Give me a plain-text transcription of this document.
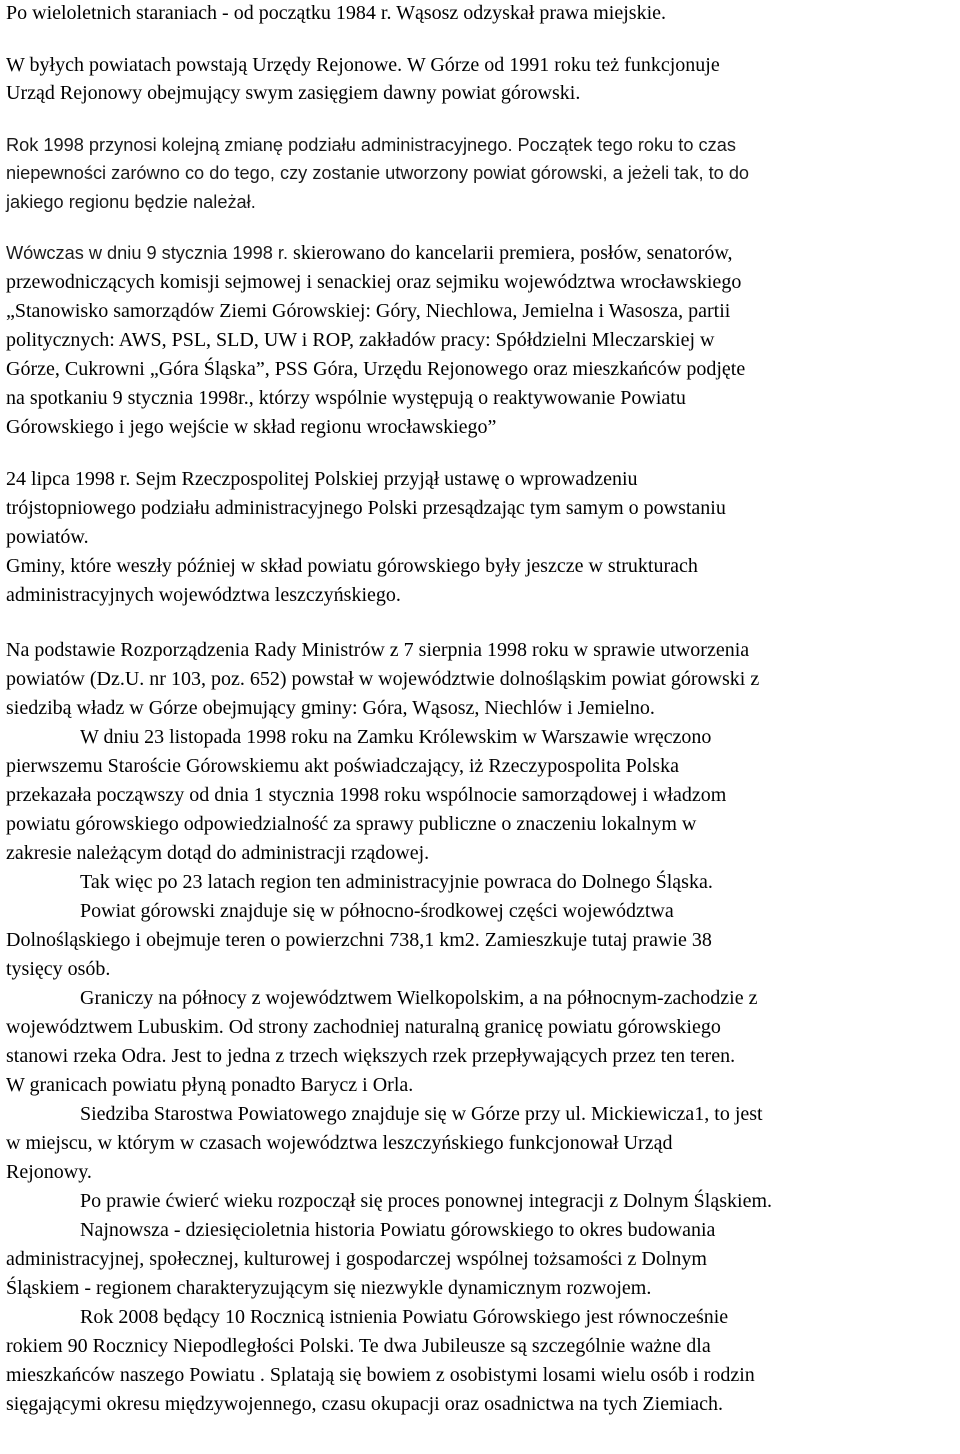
Po wieloletnich staraniach - od początku 1984 r. Wąsosz odzyskał prawa miejskie.
W byłych powiatach powstają Urzędy Rejonowe. W Górze od 1991 roku też funkcjonuje
Urząd Rejonowy obejmujący swym zasięgiem dawny powiat górowski.
Rok 1998 przynosi kolejną zmianę podziału administracyjnego. Początek tego roku to czas
niepewności zarówno co do tego, czy zostanie utworzony powiat górowski, a jeżeli tak, to do
jakiego regionu będzie należał.
Wówczas w dniu 9 stycznia 1998 r. skierowano do kancelarii premiera, posłów, senatorów,
przewodniczących komisji sejmowej i senackiej oraz sejmiku województwa wrocławskiego
„Stanowisko samorządów Ziemi Górowskiej: Góry, Niechlowa, Jemielna i Wasosza, partii
politycznych: AWS, PSL, SLD, UW i ROP, zakładów pracy: Spółdzielni Mleczarskiej w
Górze, Cukrowni „Góra Śląska”, PSS Góra, Urzędu Rejonowego oraz mieszkańców podjęte
na spotkaniu 9 stycznia 1998r., którzy wspólnie występują o reaktywowanie Powiatu
Górowskiego i jego wejście w skład regionu wrocławskiego”
24 lipca 1998 r. Sejm Rzeczpospolitej Polskiej przyjął ustawę o wprowadzeniu
trójstopniowego podziału administracyjnego Polski przesądzając tym samym o powstaniu
powiatów.
Gminy, które weszły później w skład powiatu górowskiego były jeszcze w strukturach
administracyjnych województwa leszczyńskiego.
Na podstawie Rozporządzenia Rady Ministrów z 7 sierpnia 1998 roku w sprawie utworzenia
powiatów (Dz.U. nr 103, poz. 652) powstał w województwie dolnośląskim powiat górowski z
siedzibą władz w Górze obejmujący gminy: Góra, Wąsosz, Niechlów i Jemielno.
W dniu 23 listopada 1998 roku na Zamku Królewskim w Warszawie wręczono
pierwszemu Staroście Górowskiemu akt poświadczający, iż Rzeczypospolita Polska
przekazała począwszy od dnia 1 stycznia 1998 roku wspólnocie samorządowej i władzom
powiatu górowskiego odpowiedzialność za sprawy publiczne o znaczeniu lokalnym w
zakresie należącym dotąd do administracji rządowej.
Tak więc po 23 latach region ten administracyjnie powraca do Dolnego Śląska.
Powiat górowski znajduje się w północno-środkowej części województwa
Dolnośląskiego i obejmuje teren o powierzchni 738,1 km2. Zamieszkuje tutaj prawie 38
tysięcy osób.
Graniczy na północy z województwem Wielkopolskim, a na północnym-zachodzie z
województwem Lubuskim. Od strony zachodniej naturalną granicę powiatu górowskiego
stanowi rzeka Odra. Jest to jedna z trzech większych rzek przepływających przez ten teren.
W granicach powiatu płyną ponadto Barycz i Orla.
Siedziba Starostwa Powiatowego znajduje się w Górze przy ul. Mickiewicza1, to jest
w miejscu, w którym w czasach województwa leszczyńskiego funkcjonował Urząd
Rejonowy.
Po prawie ćwierć wieku rozpoczął się proces ponownej integracji z Dolnym Śląskiem.
Najnowsza - dziesięcioletnia historia Powiatu górowskiego to okres budowania
administracyjnej, społecznej, kulturowej i gospodarczej wspólnej tożsamości z Dolnym
Śląskiem - regionem charakteryzującym się niezwykle dynamicznym rozwojem.
Rok 2008 będący 10 Rocznicą istnienia Powiatu Górowskiego jest równocześnie
rokiem 90 Rocznicy Niepodległości Polski. Te dwa Jubileusze są szczególnie ważne dla
mieszkańców naszego Powiatu . Splatają się bowiem z osobistymi losami wielu osób i rodzin
sięgającymi okresu międzywojennego, czasu okupacji oraz osadnictwa na tych Ziemiach.
